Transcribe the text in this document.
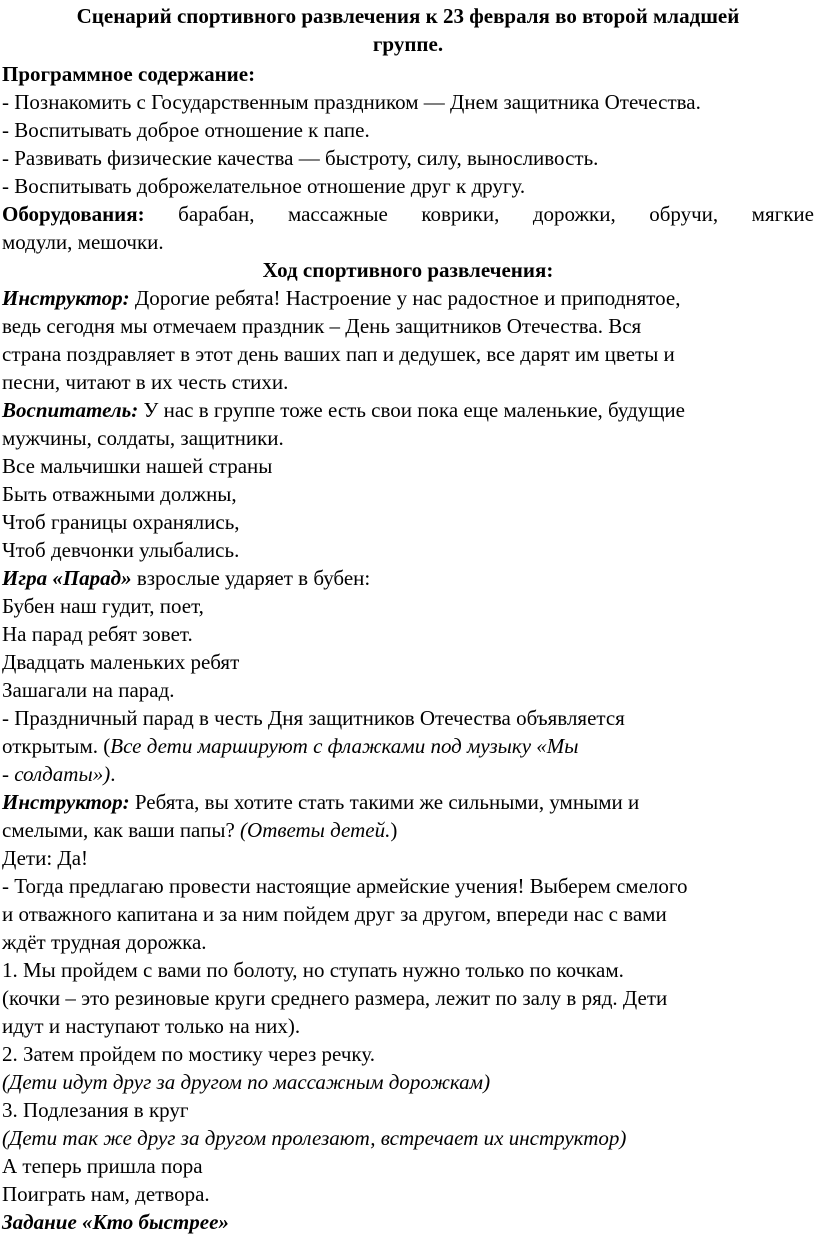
Сценарий спортивного развлечения к 23 февраля во второй младшей
группе.
Программное содержание:
- Познакомить с Государственным праздником — Днем защитника Отечества.
- Воспитывать доброе отношение к папе.
- Развивать физические качества — быстроту, силу, выносливость.
- Воспитывать доброжелательное отношение друг к другу.
Оборудования: барабан, массажные коврики, дорожки, обручи, мягкие
модули, мешочки.
Ход спортивного развлечения:
Инструктор: Дорогие ребята! Настроение у нас радостное и приподнятое,
ведь сегодня мы отмечаем праздник – День защитников Отечества. Вся
страна поздравляет в этот день ваших пап и дедушек, все дарят им цветы и
песни, читают в их честь стихи.
Воспитатель: У нас в группе тоже есть свои пока еще маленькие, будущие
мужчины, солдаты, защитники.
Все мальчишки нашей страны
Быть отважными должны,
Чтоб границы охранялись,
Чтоб девчонки улыбались.
Игра «Парад» взрослые ударяет в бубен:
Бубен наш гудит, поет,
На парад ребят зовет.
Двадцать маленьких ребят
Зашагали на парад.
- Праздничный парад в честь Дня защитников Отечества объявляется
открытым. (Все дети маршируют с флажками под музыку «Мы
- солдаты»).
Инструктор: Ребята, вы хотите стать такими же сильными, умными и
смелыми, как ваши папы? (Ответы детей.)
Дети: Да!
- Тогда предлагаю провести настоящие армейские учения! Выберем смелого
и отважного капитана и за ним пойдем друг за другом, впереди нас с вами
ждёт трудная дорожка.
1. Мы пройдем с вами по болоту, но ступать нужно только по кочкам.
(кочки – это резиновые круги среднего размера, лежит по залу в ряд. Дети
идут и наступают только на них).
2. Затем пройдем по мостику через речку.
(Дети идут друг за другом по массажным дорожкам)
3. Подлезания в круг
(Дети так же друг за другом пролезают, встречает их инструктор)
А теперь пришла пора
Поиграть нам, детвора.
Задание «Кто быстрее»
